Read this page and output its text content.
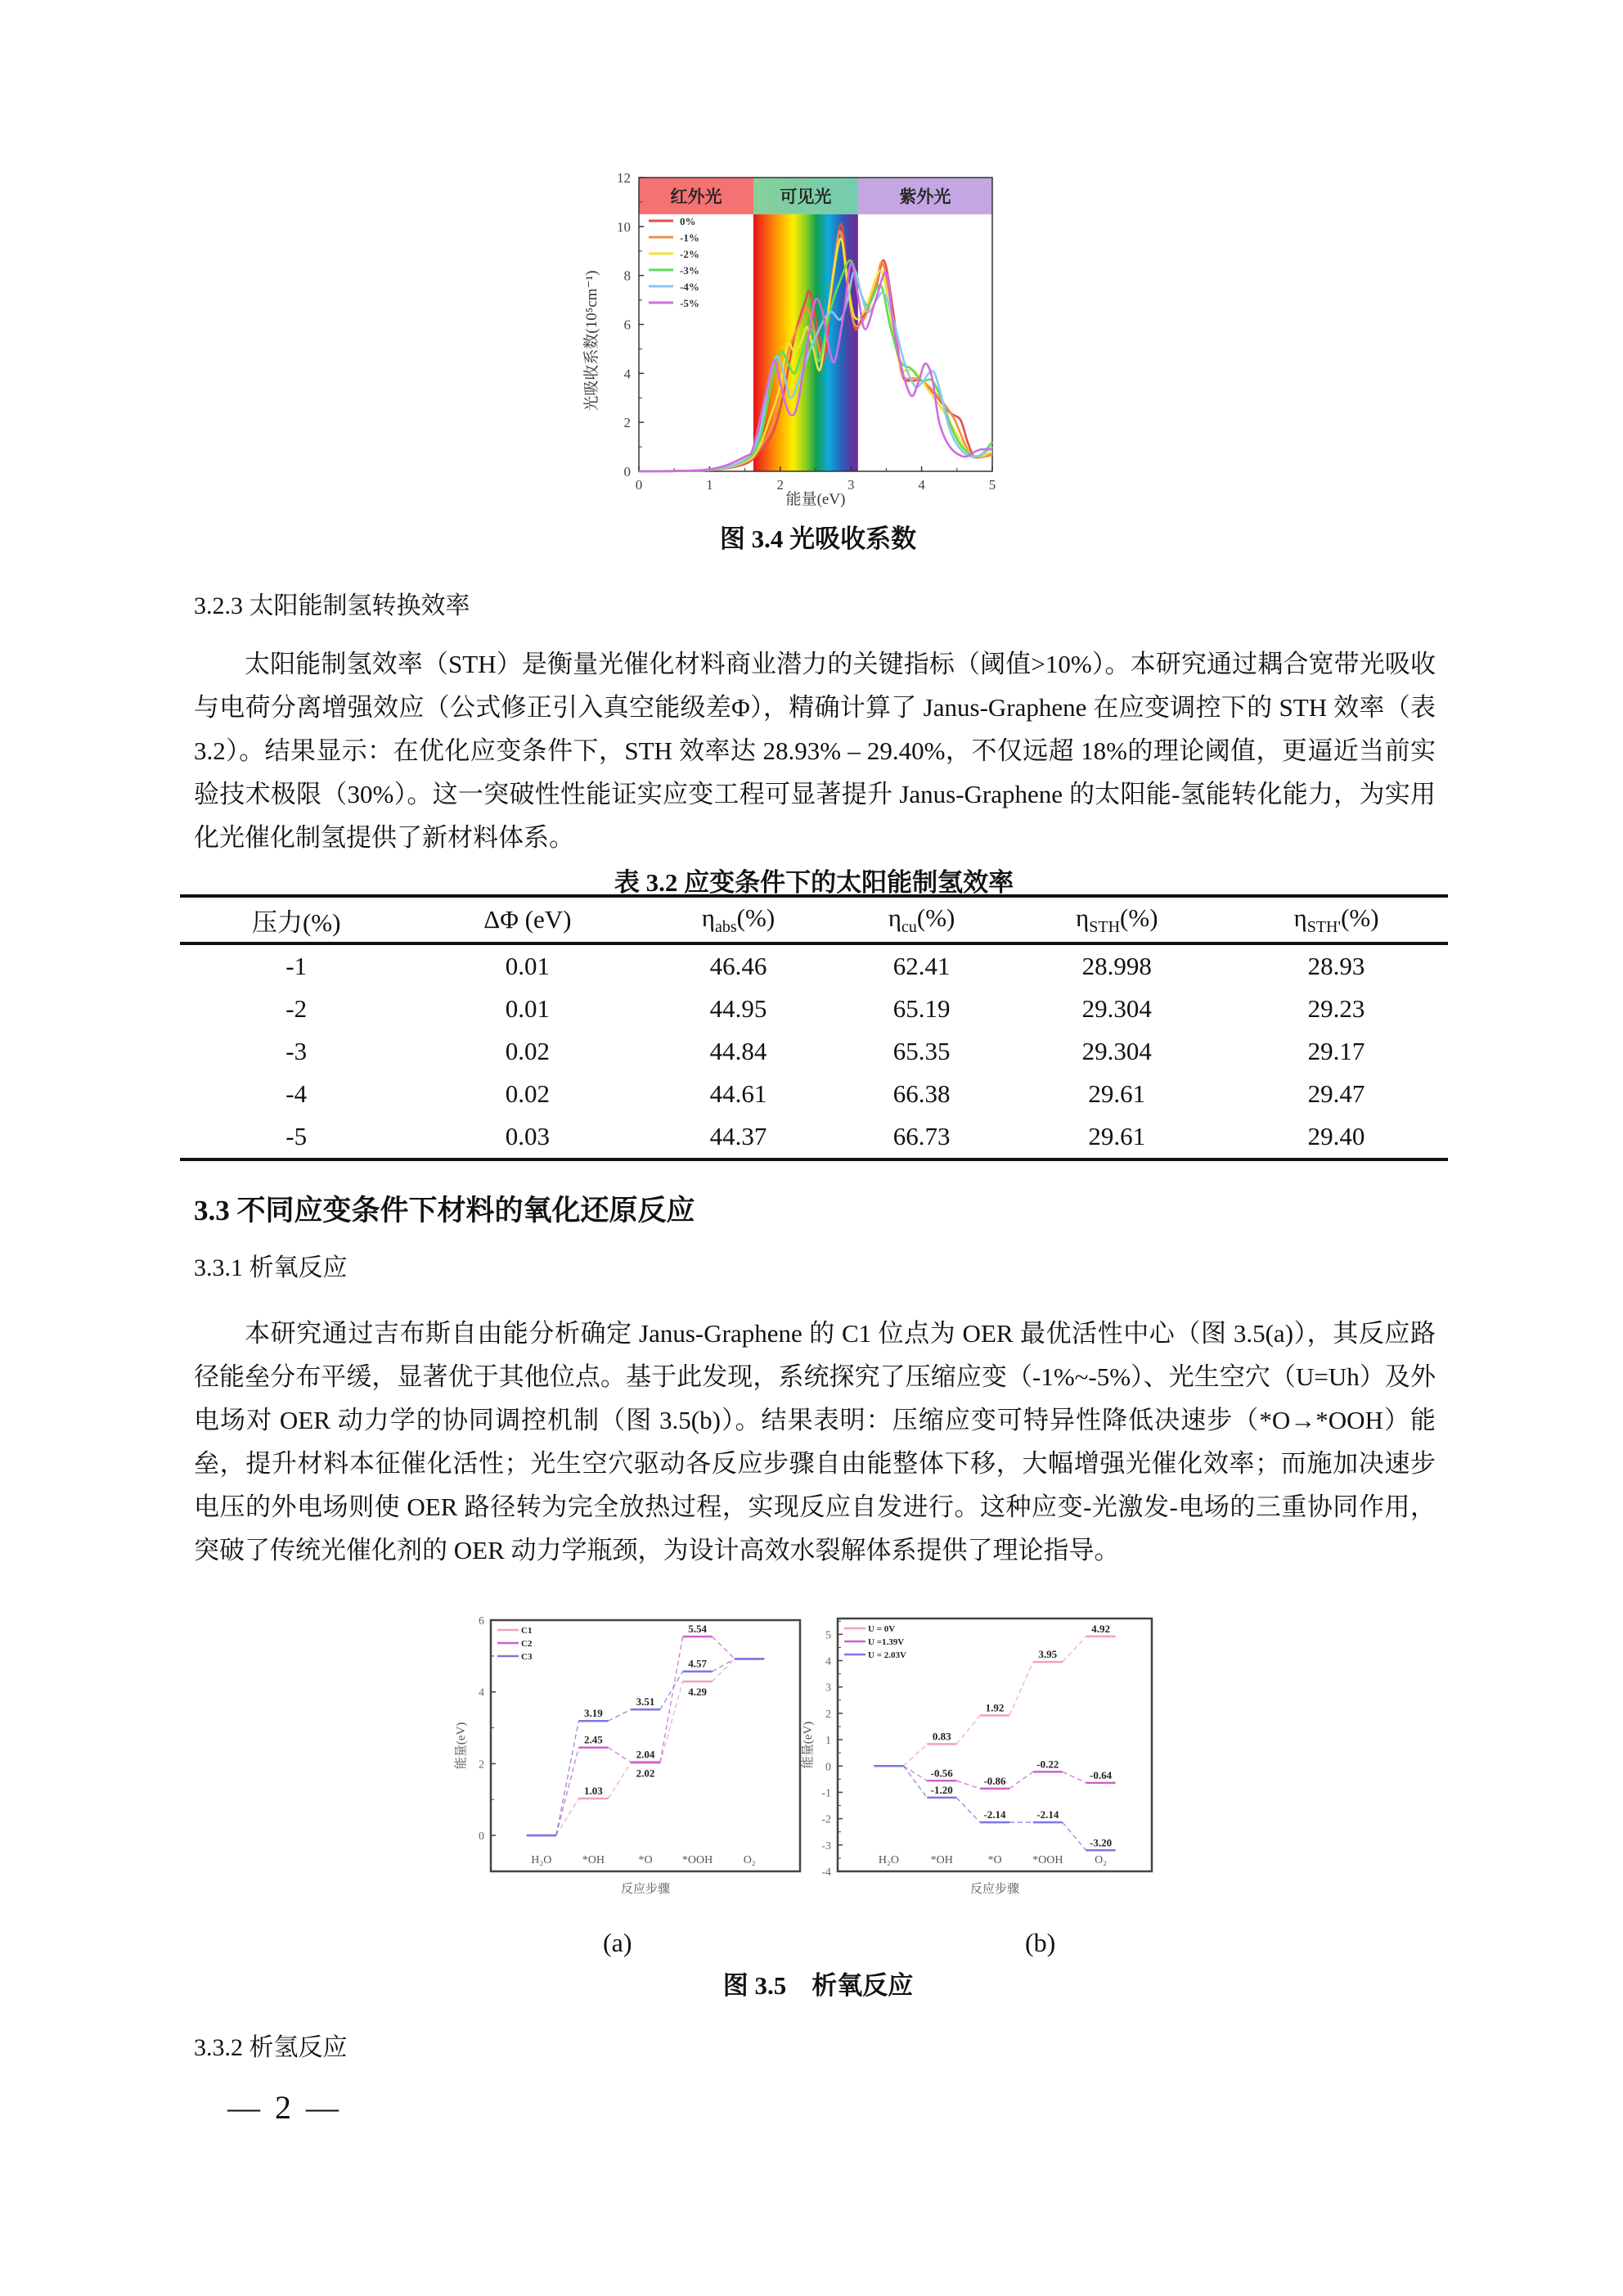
红外光	可见光	紫外光
0	1	2	3	4	5
0
2
4
6
8
10
12
能量(eV)
光吸收系数(10⁵cm⁻¹)
0%
-1%
-2%
-3%
-4%
-5%
图 3.4 光吸收系数
3.2.3 太阳能制氢转换效率
太阳能制氢效率（STH）是衡量光催化材料商业潜力的关键指标（阈值>10%）。本研究通过耦合宽带光吸收与电荷分离增强效应（公式修正引入真空能级差Φ），精确计算了 Janus-Graphene 在应变调控下的 STH 效率（表 3.2）。结果显示：在优化应变条件下，STH 效率达 28.93% – 29.40%，不仅远超 18%的理论阈值，更逼近当前实验技术极限（30%）。这一突破性性能证实应变工程可显著提升 Janus-Graphene 的太阳能-氢能转化能力，为实用化光催化制氢提供了新材料体系。
表 3.2 应变条件下的太阳能制氢效率
压力(%)	ΔΦ (eV)	$\eta_{abs}(\%)$	$\eta_{cu}(\%)$	$\eta_{STH}(\%)$	$\eta_{STH'}(\%)$
-1	0.01	46.46	62.41	28.998	28.93
-2	0.01	44.95	65.19	29.304	29.23
-3	0.02	44.84	65.35	29.304	29.17
-4	0.02	44.61	66.38	29.61	29.47
-5	0.03	44.37	66.73	29.61	29.40
3.3 不同应变条件下材料的氧化还原反应
3.3.1 析氧反应
本研究通过吉布斯自由能分析确定 Janus-Graphene 的 C1 位点为 OER 最优活性中心（图 3.5(a)），其反应路径能垒分布平缓，显著优于其他位点。基于此发现，系统探究了压缩应变（-1%~-5%）、光生空穴（U=Uh）及外电场对 OER 动力学的协同调控机制（图 3.5(b)）。结果表明：压缩应变可特异性降低决速步（*O→*OOH）能垒，提升材料本征催化活性；光生空穴驱动各反应步骤自由能整体下移，大幅增强光催化效率；而施加决速步电压的外电场则使 OER 路径转为完全放热过程，实现反应自发进行。这种应变-光激发-电场的三重协同作用，突破了传统光催化剂的 OER 动力学瓶颈，为设计高效水裂解体系提供了理论指导。
0
2
4
6
H₂O	*OH	*O	*OOH	O₂
反应步骤
能量(eV)
1.03
2.02
4.29
C1
2.45
2.04
5.54
C2
3.19
3.51
4.57
C3
-4
-3
-2
-1
0
1
2
3
4
5
H₂O	*OH	*O	*OOH	O₂
反应步骤
能量(eV)	0.83
1.92
3.95
4.92
U = 0V
-0.56
-0.86
-0.22
-0.64
U =1.39V
-1.20
-2.14	-2.14
-3.20
U = 2.03V
(a)	(b)
图 3.5    析氧反应
3.3.2 析氢反应
— 2 —
